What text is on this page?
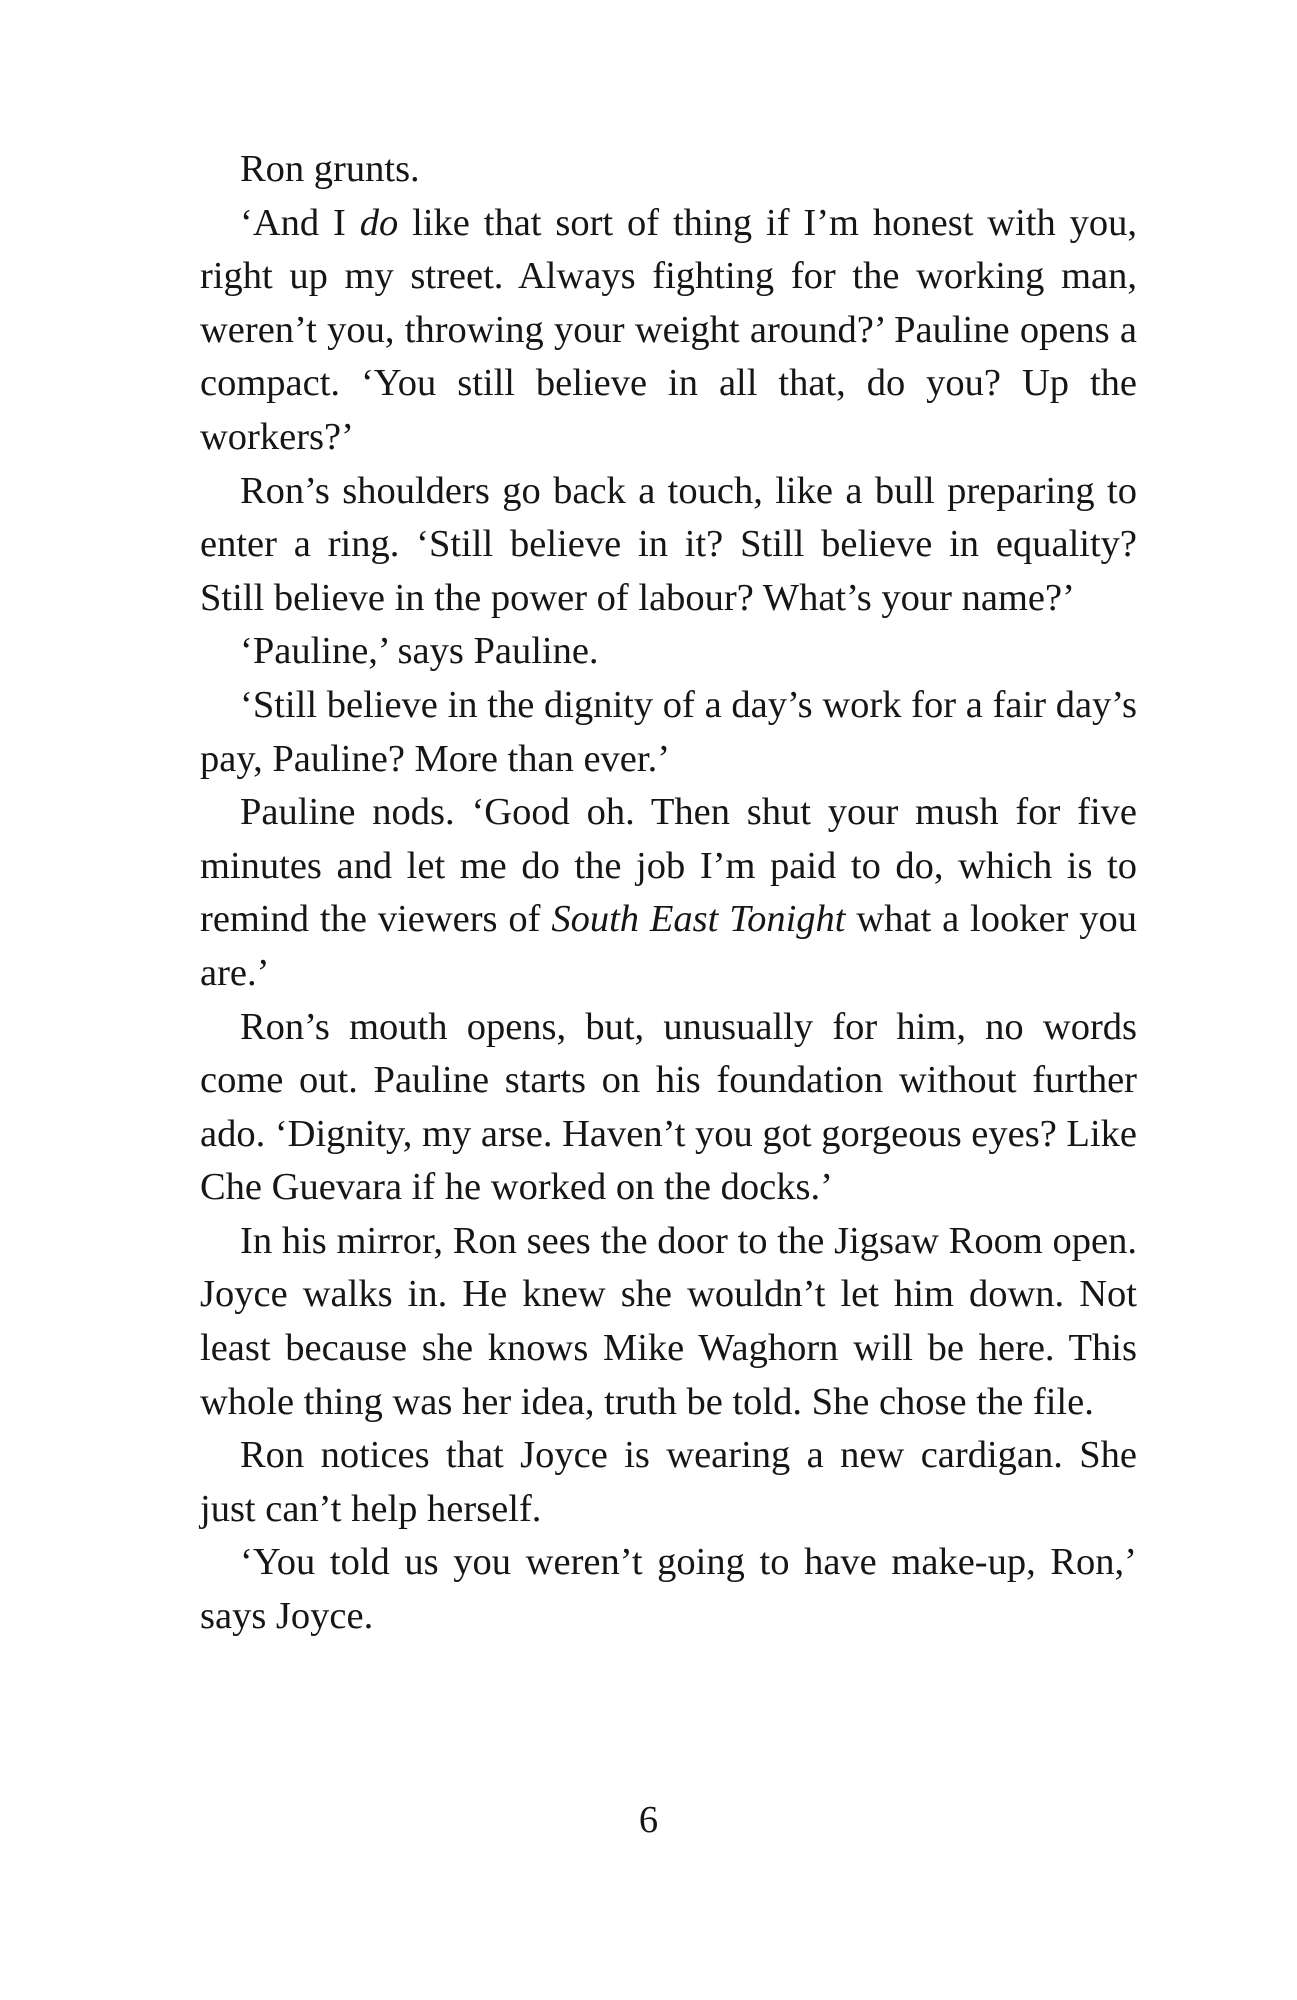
Ron grunts.

‘And I do like that sort of thing if I’m honest with you, right up my street. Always fighting for the working man, weren’t you, throwing your weight around?’ Pauline opens a compact. ‘You still believe in all that, do you? Up the workers?’

Ron’s shoulders go back a touch, like a bull preparing to enter a ring. ‘Still believe in it? Still believe in equality? Still believe in the power of labour? What’s your name?’

‘Pauline,’ says Pauline.

‘Still believe in the dignity of a day’s work for a fair day’s pay, Pauline? More than ever.’

Pauline nods. ‘Good oh. Then shut your mush for five minutes and let me do the job I’m paid to do, which is to remind the viewers of South East Tonight what a looker you are.’

Ron’s mouth opens, but, unusually for him, no words come out. Pauline starts on his foundation without further ado. ‘Dignity, my arse. Haven’t you got gorgeous eyes? Like Che Guevara if he worked on the docks.’

In his mirror, Ron sees the door to the Jigsaw Room open. Joyce walks in. He knew she wouldn’t let him down. Not least because she knows Mike Waghorn will be here. This whole thing was her idea, truth be told. She chose the file.

Ron notices that Joyce is wearing a new cardigan. She just can’t help herself.

‘You told us you weren’t going to have make-up, Ron,’ says Joyce.

6
